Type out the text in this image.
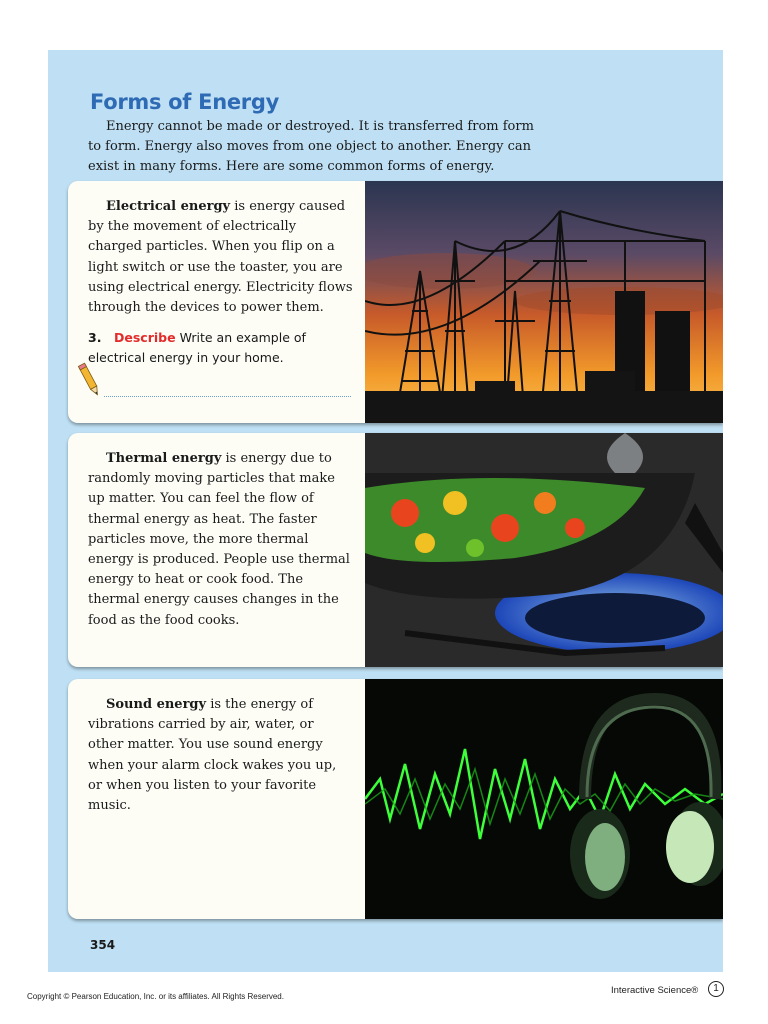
Forms of Energy

Energy cannot be made or destroyed. It is transferred from form to form. Energy also moves from one object to another. Energy can exist in many forms. Here are some common forms of energy.

Electrical energy is energy caused by the movement of electrically charged particles. When you flip on a light switch or use the toaster, you are using electrical energy. Electricity flows through the devices to power them.

3. Describe Write an example of electrical energy in your home.

Thermal energy is energy due to randomly moving particles that make up matter. You can feel the flow of thermal energy as heat. The faster particles move, the more thermal energy is produced. People use thermal energy to heat or cook food. The thermal energy causes changes in the food as the food cooks.

Sound energy is the energy of vibrations carried by air, water, or other matter. You use sound energy when your alarm clock wakes you up, or when you listen to your favorite music.

354
Copyright © Pearson Education, Inc. or its affiliates. All Rights Reserved.
Interactive Science®	1
